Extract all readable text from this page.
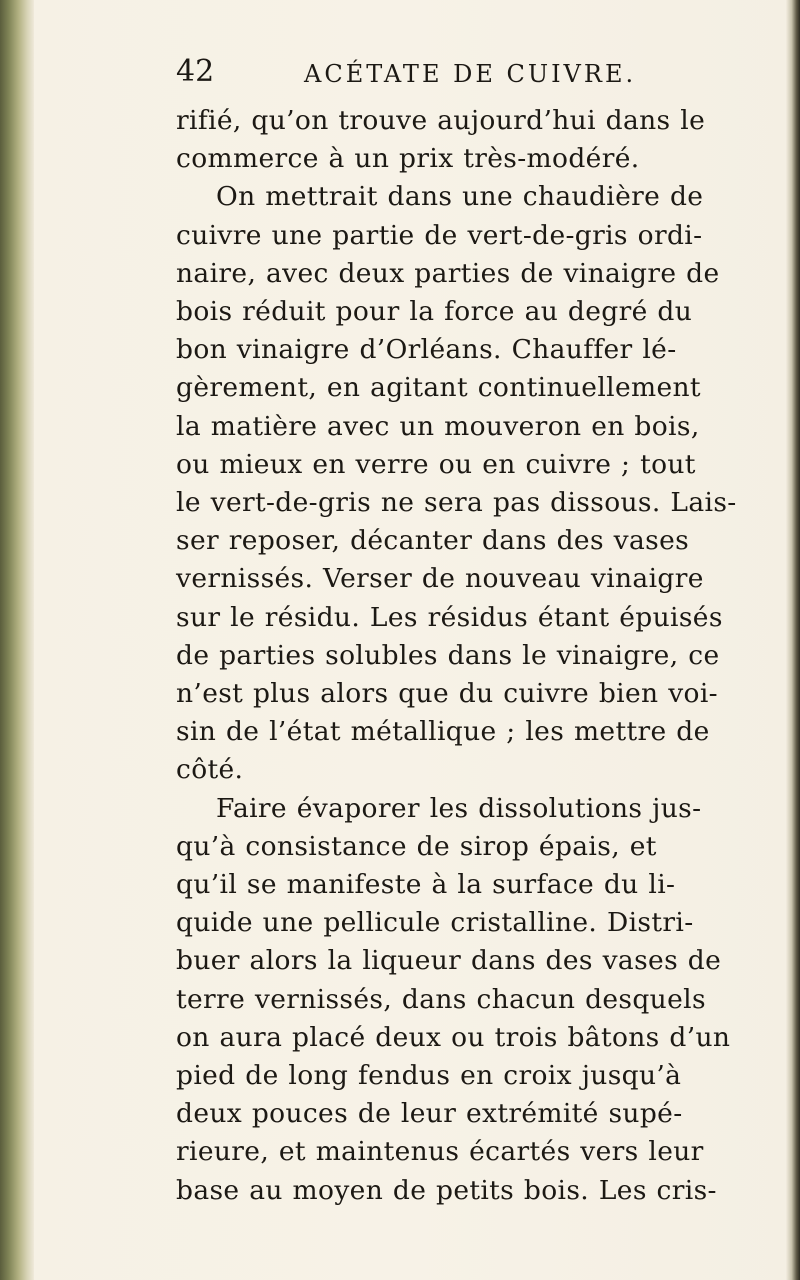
42	ACÉTATE DE CUIVRE.
rifié, qu’on trouve aujourd’hui dans le
commerce à un prix très-modéré.
On mettrait dans une chaudière de
cuivre une partie de vert-de-gris ordi-
naire, avec deux parties de vinaigre de
bois réduit pour la force au degré du
bon vinaigre d’Orléans. Chauffer lé-
gèrement, en agitant continuellement
la matière avec un mouveron en bois,
ou mieux en verre ou en cuivre ; tout
le vert-de-gris ne sera pas dissous. Lais-
ser reposer, décanter dans des vases
vernissés. Verser de nouveau vinaigre
sur le résidu. Les résidus étant épuisés
de parties solubles dans le vinaigre, ce
n’est plus alors que du cuivre bien voi-
sin de l’état métallique ; les mettre de
côté.
Faire évaporer les dissolutions jus-
qu’à consistance de sirop épais, et
qu’il se manifeste à la surface du li-
quide une pellicule cristalline. Distri-
buer alors la liqueur dans des vases de
terre vernissés, dans chacun desquels
on aura placé deux ou trois bâtons d’un
pied de long fendus en croix jusqu’à
deux pouces de leur extrémité supé-
rieure, et maintenus écartés vers leur
base au moyen de petits bois. Les cris-
